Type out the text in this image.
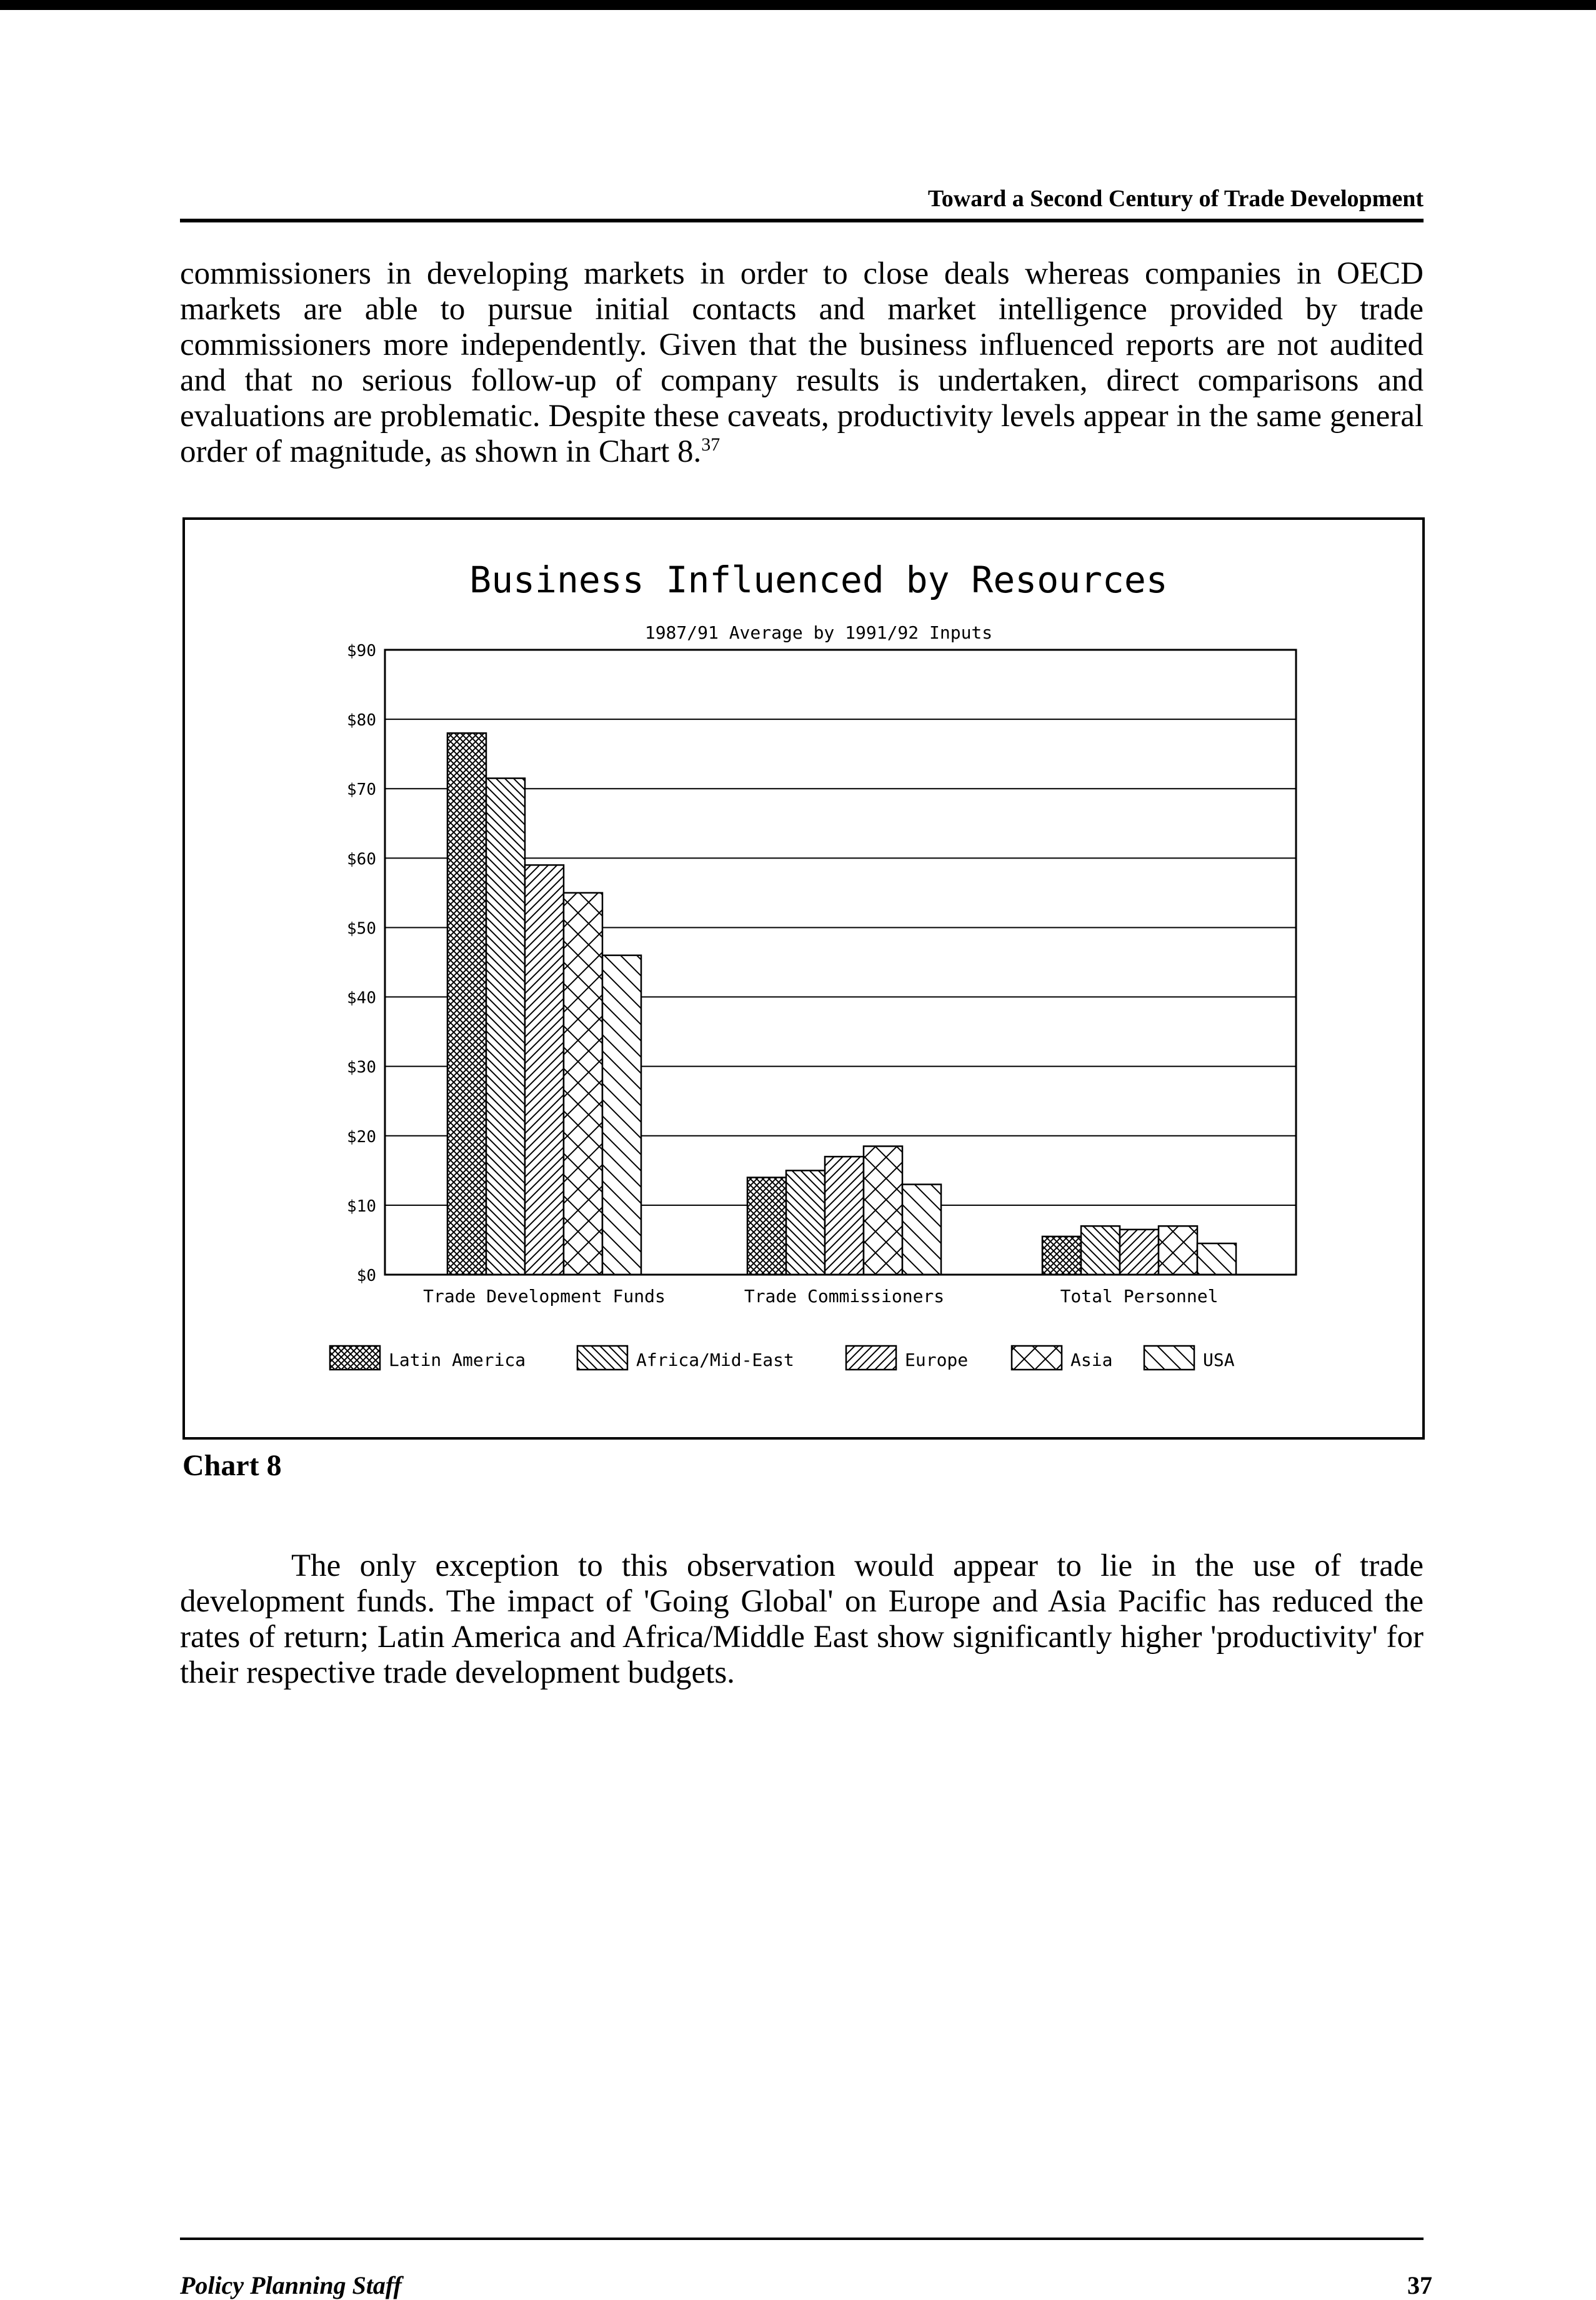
Toward a Second Century of Trade Development

commissioners in developing markets in order to close deals whereas companies in OECD markets are able to pursue initial contacts and market intelligence provided by trade commissioners more independently. Given that the business influenced reports are not audited and that no serious follow-up of company results is undertaken, direct comparisons and evaluations are problematic. Despite these caveats, productivity levels appear in the same general order of magnitude, as shown in Chart 8.37

Business Influenced by Resources
1987/91 Average by 1991/92 Inputs
$0
$10
$20
$30
$40
$50
$60
$70
$80
$90
Trade Development Funds	Trade Commissioners	Total Personnel
Latin America	Africa/Mid-East	Europe	Asia	USA
Chart 8

The only exception to this observation would appear to lie in the use of trade development funds. The impact of 'Going Global' on Europe and Asia Pacific has reduced the rates of return; Latin America and Africa/Middle East show significantly higher 'productivity' for their respective trade development budgets.

Policy Planning Staff	37
